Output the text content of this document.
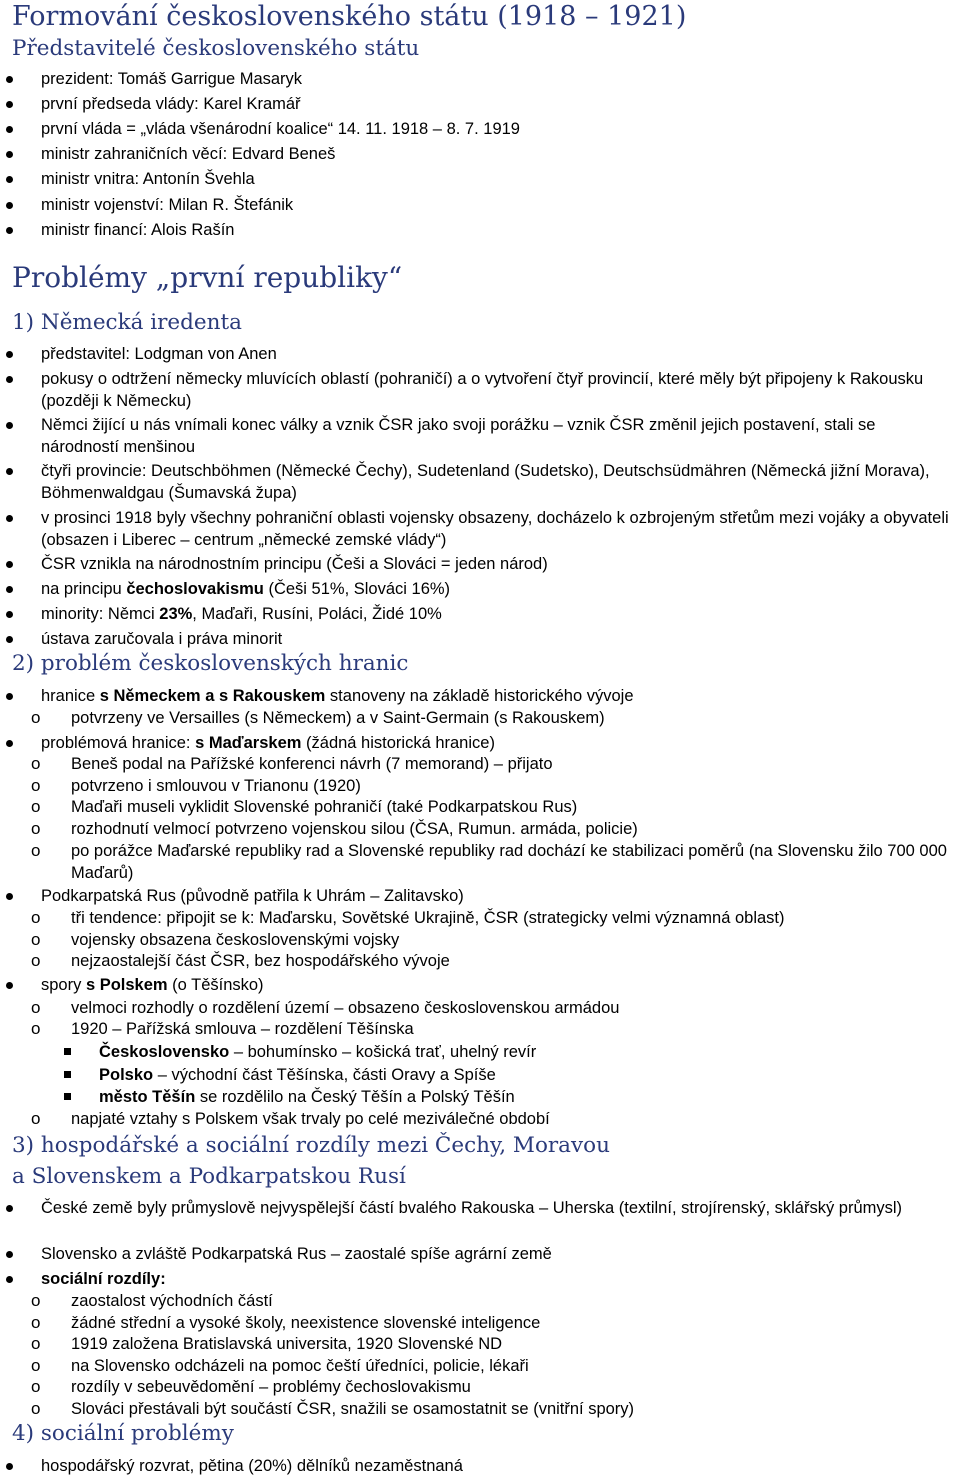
Formování československého státu (1918 – 1921)
Představitelé československého státu
prezident: Tomáš Garrigue Masaryk
první předseda vlády: Karel Kramář
první vláda = „vláda všenárodní koalice“ 14. 11. 1918 – 8. 7. 1919
ministr zahraničních věcí: Edvard Beneš
ministr vnitra: Antonín Švehla
ministr vojenství: Milan R. Štefánik
ministr financí: Alois Rašín
Problémy „první republiky“
1) Německá iredenta
představitel: Lodgman von Anen
pokusy o odtržení německy mluvících oblastí (pohraničí) a o vytvoření čtyř provincií, které měly být připojeny k Rakousku (později k Německu)
Němci žijící u nás vnímali konec války a vznik ČSR jako svoji porážku – vznik ČSR změnil jejich postavení, stali se národností menšinou
čtyři provincie: Deutschböhmen (Německé Čechy), Sudetenland (Sudetsko), Deutschsüdmähren (Německá jižní Morava), Böhmenwaldgau (Šumavská župa)
v prosinci 1918 byly všechny pohraniční oblasti vojensky obsazeny, docházelo k ozbrojeným střetům mezi vojáky a obyvateli (obsazen i Liberec – centrum „německé zemské vlády“)
ČSR vznikla na národnostním principu (Češi a Slováci = jeden národ)
na principu čechoslovakismu (Češi 51%, Slováci 16%)
minority: Němci 23%, Maďaři, Rusíni, Poláci, Židé 10%
ústava zaručovala i práva minorit
2) problém československých hranic
hranice s Německem a s Rakouskem stanoveny na základě historického vývoje
o potvrzeny ve Versailles (s Německem) a v Saint-Germain (s Rakouskem)
problémová hranice: s Maďarskem (žádná historická hranice)
o Beneš podal na Pařížské konferenci návrh (7 memorand) – přijato
o potvrzeno i smlouvou v Trianonu (1920)
o Maďaři museli vyklidit Slovenské pohraničí (také Podkarpatskou Rus)
o rozhodnutí velmocí potvrzeno vojenskou silou (ČSA, Rumun. armáda, policie)
o po porážce Maďarské republiky rad a Slovenské republiky rad dochází ke stabilizaci poměrů (na Slovensku žilo 700 000 Maďarů)
Podkarpatská Rus (původně patřila k Uhrám – Zalitavsko)
o tři tendence: připojit se k: Maďarsku, Sovětské Ukrajině, ČSR (strategicky velmi významná oblast)
o vojensky obsazena československými vojsky
o nejzaostalejší část ČSR, bez hospodářského vývoje
spory s Polskem (o Těšínsko)
o velmoci rozhodly o rozdělení území – obsazeno československou armádou
o 1920 – Pařížská smlouva – rozdělení Těšínska
Československo – bohumínsko – košická trať, uhelný revír
Polsko – východní část Těšínska, části Oravy a Spíše
město Těšín se rozdělilo na Český Těšín a Polský Těšín
o napjaté vztahy s Polskem však trvaly po celé meziválečné období
3) hospodářské a sociální rozdíly mezi Čechy, Moravou
a Slovenskem a Podkarpatskou Rusí
České země byly průmyslově nejvyspělejší částí bvalého Rakouska – Uherska (textilní, strojírenský, sklářský průmysl)
Slovensko a zvláště Podkarpatská Rus – zaostalé spíše agrární země
sociální rozdíly:
o zaostalost východních částí
o žádné střední a vysoké školy, neexistence slovenské inteligence
o 1919 založena Bratislavská universita, 1920 Slovenské ND
o na Slovensko odcházeli na pomoc čeští úředníci, policie, lékaři
o rozdíly v sebeuvědomění – problémy čechoslovakismu
o Slováci přestávali být součástí ČSR, snažili se osamostatnit se (vnitřní spory)
4) sociální problémy
hospodářský rozvrat, pětina (20%) dělníků nezaměstnaná
